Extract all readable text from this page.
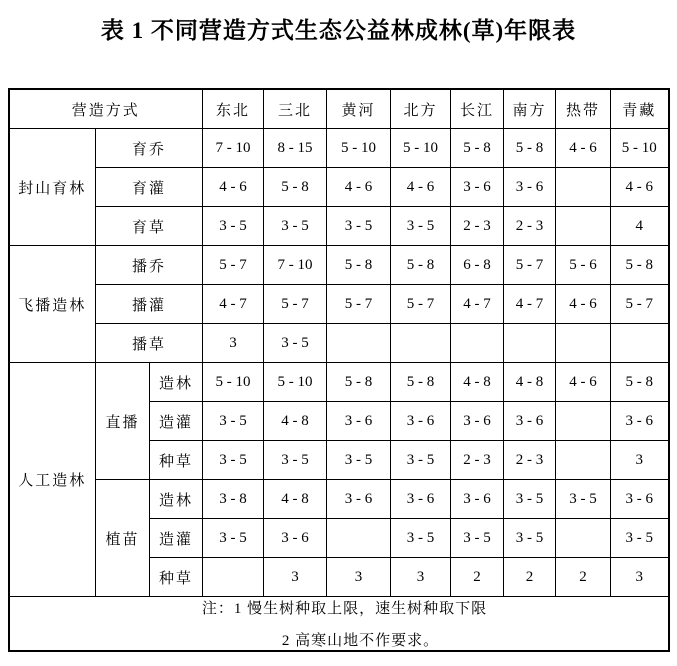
表 1 不同营造方式生态公益林成林(草)年限表
营造方式			东北	三北	黄河	北方	长江	南方	热带	青藏
封山育林	育乔		7 - 10	8 - 15	5 - 10	5 - 10	5 - 8	5 - 8	4 - 6	5 - 10
	育灌		4 - 6	5 - 8	4 - 6	4 - 6	3 - 6	3 - 6		4 - 6
	育草		3 - 5	3 - 5	3 - 5	3 - 5	2 - 3	2 - 3		4
飞播造林	播乔		5 - 7	7 - 10	5 - 8	5 - 8	6 - 8	5 - 7	5 - 6	5 - 8
	播灌		4 - 7	5 - 7	5 - 7	5 - 7	4 - 7	4 - 7	4 - 6	5 - 7
	播草		3	3 - 5						
人工造林	直播	造林	5 - 10	5 - 10	5 - 8	5 - 8	4 - 8	4 - 8	4 - 6	5 - 8
		造灌	3 - 5	4 - 8	3 - 6	3 - 6	3 - 6	3 - 6		3 - 6
		种草	3 - 5	3 - 5	3 - 5	3 - 5	2 - 3	2 - 3		3
	植苗	造林	3 - 8	4 - 8	3 - 6	3 - 6	3 - 6	3 - 5	3 - 5	3 - 6
		造灌	3 - 5	3 - 6		3 - 5	3 - 5	3 - 5		3 - 5
		种草		3	3	3	2	2	2	3

注：1 慢生树种取上限，速生树种取下限
2 高寒山地不作要求。										
